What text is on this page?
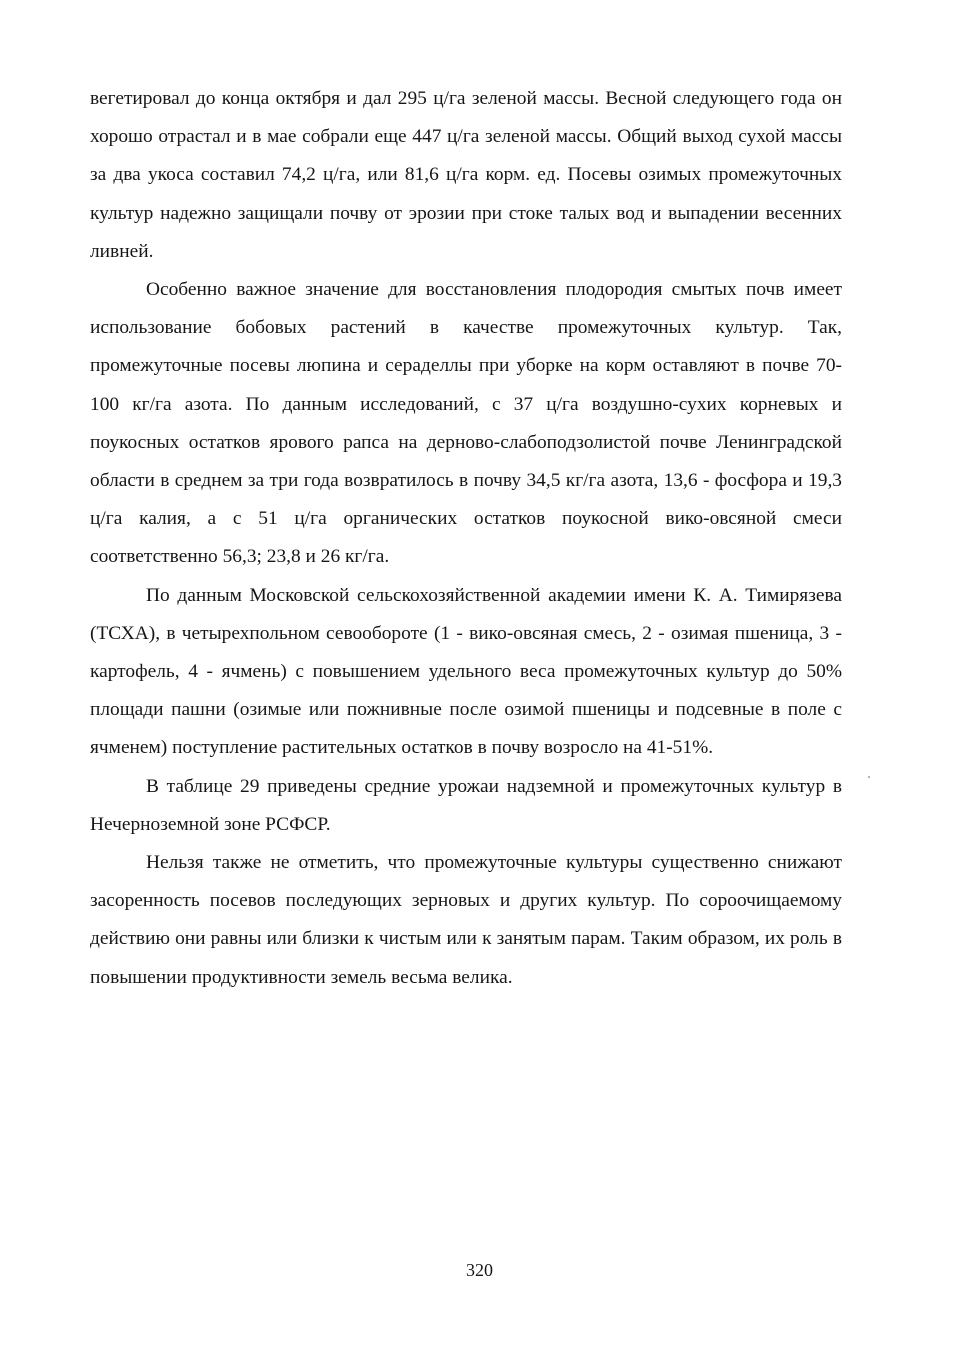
вегетировал до конца октября и дал 295 ц/га зеленой массы. Весной следующего года он хорошо отрастал и в мае собрали еще 447 ц/га зеленой массы. Общий выход сухой массы за два укоса составил 74,2 ц/га, или 81,6 ц/га корм. ед. Посевы озимых промежуточных культур надежно защищали почву от эрозии при стоке талых вод и выпадении весенних ливней.

Особенно важное значение для восстановления плодородия смытых почв имеет использование бобовых растений в качестве промежуточных культур. Так, промежуточные посевы люпина и сераделлы при уборке на корм оставляют в почве 70-100 кг/га азота. По данным исследований, с 37 ц/га воздушно-сухих корневых и поукосных остатков ярового рапса на дерново-слабоподзолистой почве Ленинградской области в среднем за три года возвратилось в почву 34,5 кг/га азота, 13,6 - фосфора и 19,3 ц/га калия, а с 51 ц/га органических остатков поукосной вико-овсяной смеси соответственно 56,3; 23,8 и 26 кг/га.

По данным Московской сельскохозяйственной академии имени К. А. Тимирязева (ТСХА), в четырехпольном севообороте (1 - вико-овсяная смесь, 2 - озимая пшеница, 3 - картофель, 4 - ячмень) с повышением удельного веса промежуточных культур до 50% площади пашни (озимые или пожнивные после озимой пшеницы и подсевные в поле с ячменем) поступление растительных остатков в почву возросло на 41-51%.

В таблице 29 приведены средние урожаи надземной и промежуточных культур в Нечерноземной зоне РСФСР.

Нельзя также не отметить, что промежуточные культуры существенно снижают засоренность посевов последующих зерновых и других культур. По сороочищаемому действию они равны или близки к чистым или к занятым парам. Таким образом, их роль в повышении продуктивности земель весьма велика.

320
